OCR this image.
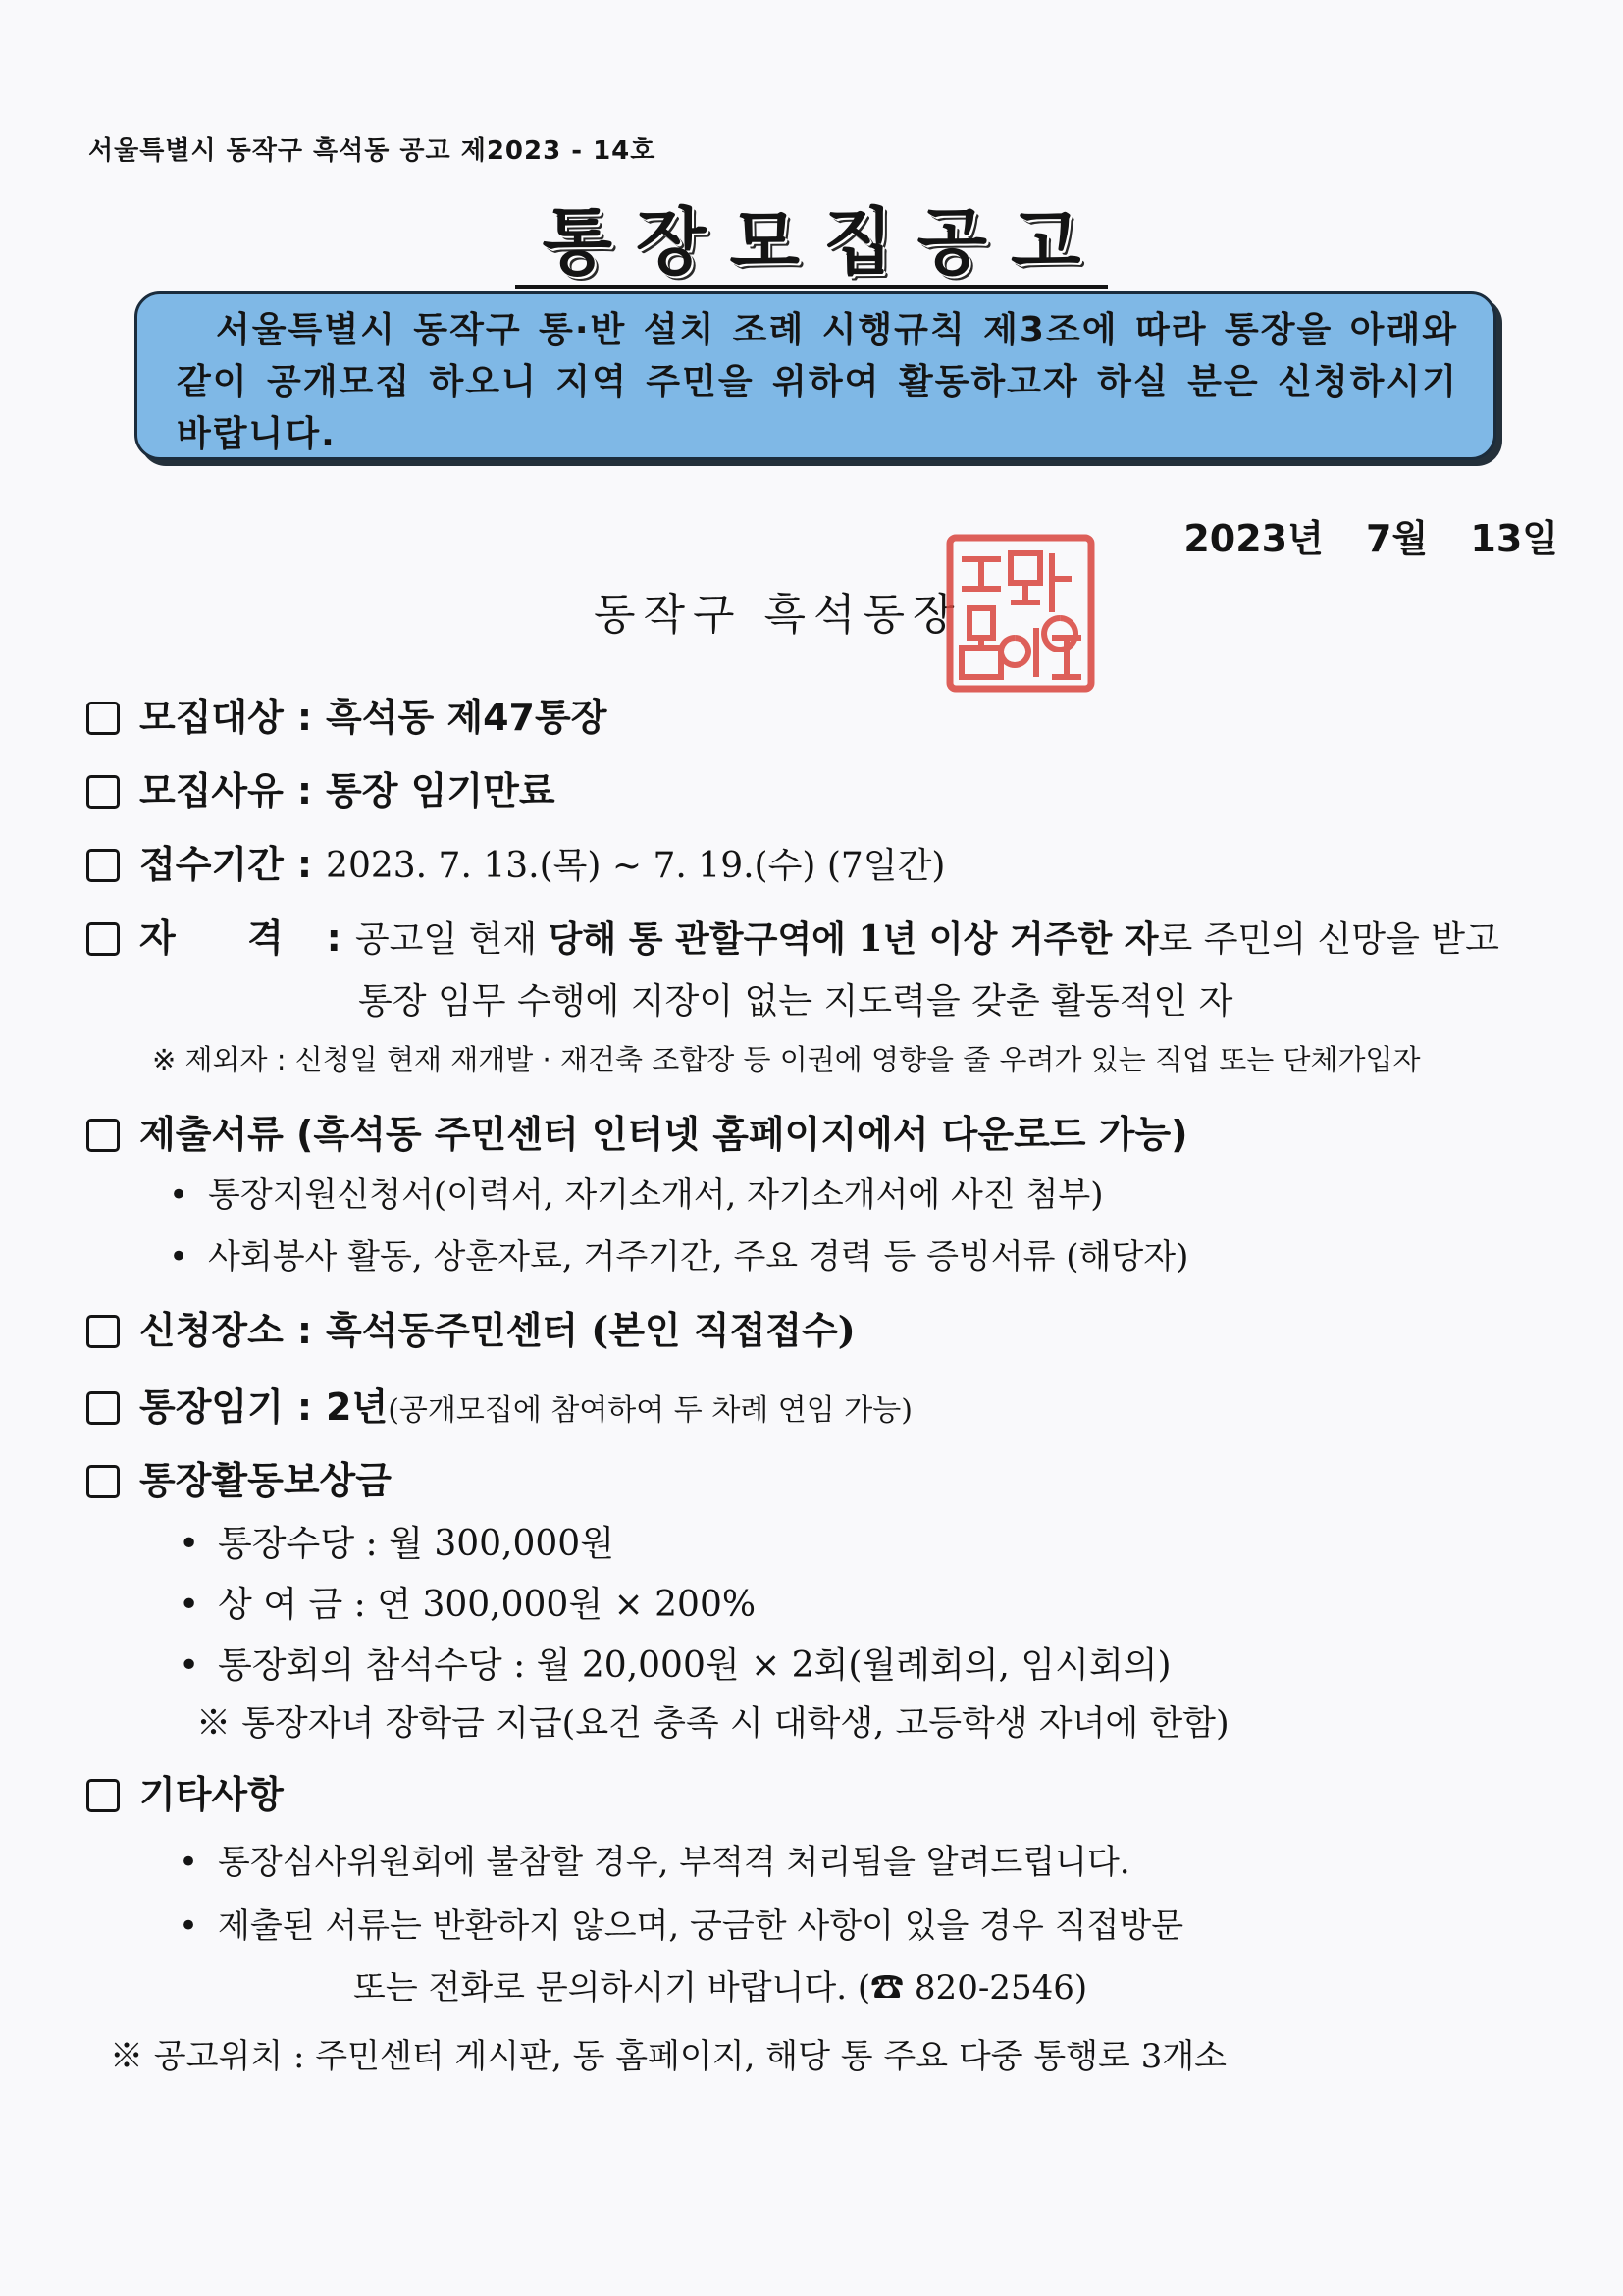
서울특별시 동작구 흑석동 공고 제2023 - 14호
통장모집공고
서울특별시 동작구 통·반 설치 조례 시행규칙 제3조에 따라 통장을 아래와 같이 공개모집 하오니 지역 주민을 위하여 활동하고자 하실 분은 신청하시기 바랍니다.
2023년 7월 13일
동작구 흑석동장
모집대상 : 흑석동 제47통장
모집사유 : 통장 임기만료
접수기간 : 2023. 7. 13.(목) ~ 7. 19.(수) (7일간)
자 격 : 공고일 현재 당해 통 관할구역에 1년 이상 거주한 자로 주민의 신망을 받고
통장 임무 수행에 지장이 없는 지도력을 갖춘 활동적인 자
※ 제외자 : 신청일 현재 재개발 · 재건축 조합장 등 이권에 영향을 줄 우려가 있는 직업 또는 단체가입자
제출서류 (흑석동 주민센터 인터넷 홈페이지에서 다운로드 가능)
• 통장지원신청서(이력서, 자기소개서, 자기소개서에 사진 첨부)
• 사회봉사 활동, 상훈자료, 거주기간, 주요 경력 등 증빙서류 (해당자)
신청장소 : 흑석동주민센터 (본인 직접접수)
통장임기 : 2년(공개모집에 참여하여 두 차례 연임 가능)
통장활동보상금
• 통장수당 : 월 300,000원
• 상 여 금 : 연 300,000원 × 200%
• 통장회의 참석수당 : 월 20,000원 × 2회(월례회의, 임시회의)
※ 통장자녀 장학금 지급(요건 충족 시 대학생, 고등학생 자녀에 한함)
기타사항
• 통장심사위원회에 불참할 경우, 부적격 처리됨을 알려드립니다.
• 제출된 서류는 반환하지 않으며, 궁금한 사항이 있을 경우 직접방문
또는 전화로 문의하시기 바랍니다. (☎ 820-2546)
※ 공고위치 : 주민센터 게시판, 동 홈페이지, 해당 통 주요 다중 통행로 3개소
